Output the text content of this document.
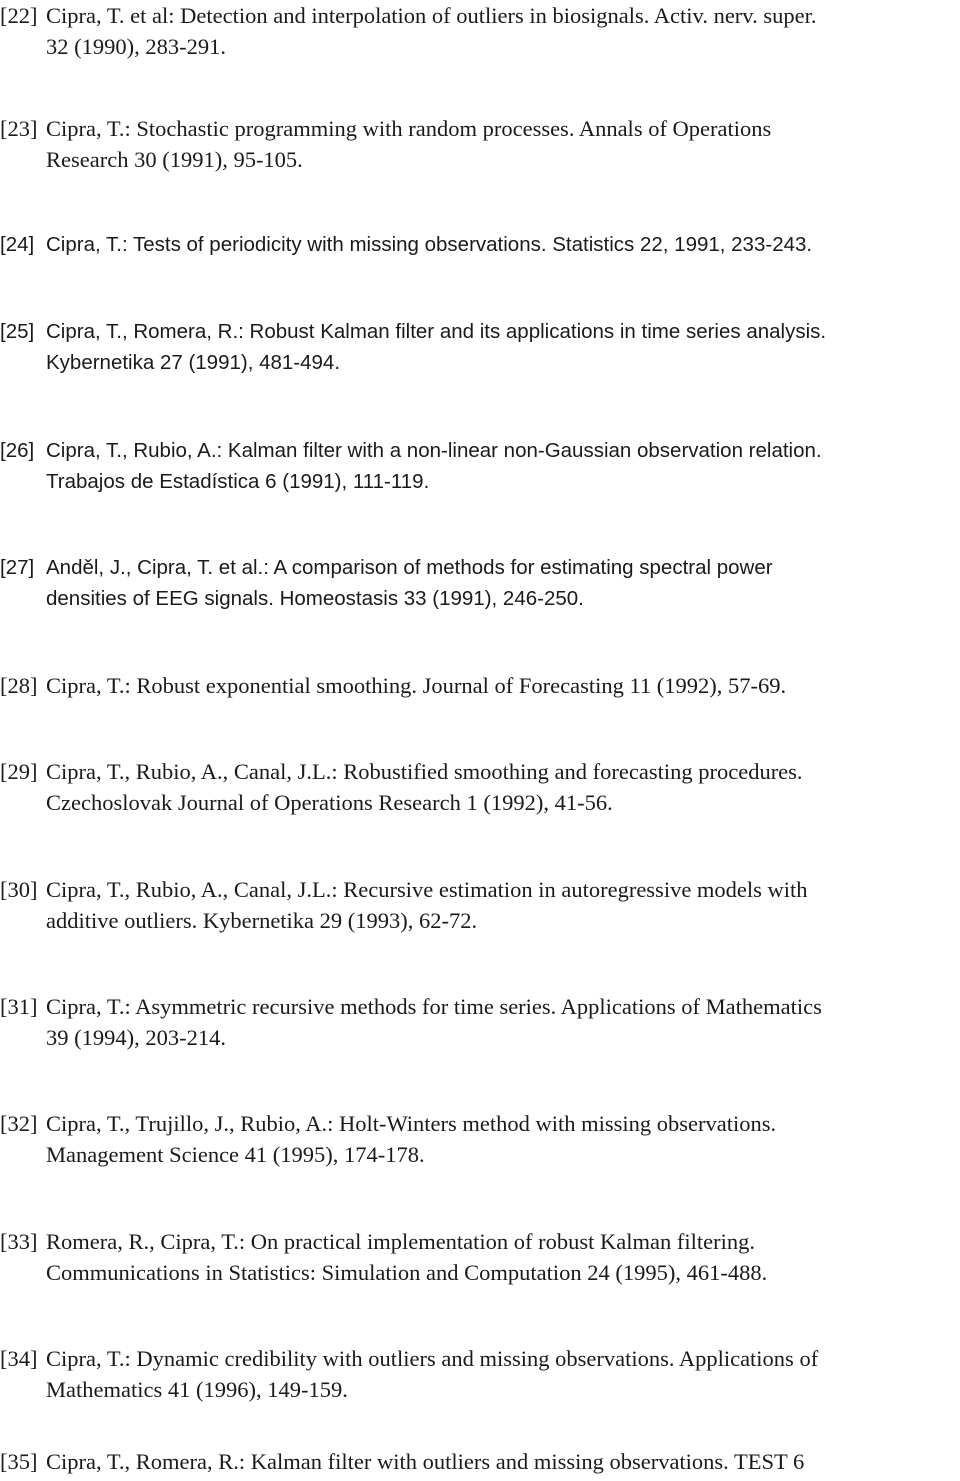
[22] Cipra, T. et al: Detection and interpolation of outliers in biosignals. Activ. nerv. super.
32 (1990), 283-291.
[23] Cipra, T.: Stochastic programming with random processes. Annals of Operations
Research 30 (1991), 95-105.
[24] Cipra, T.: Tests of periodicity with missing observations. Statistics 22, 1991, 233-243.
[25] Cipra, T., Romera, R.: Robust Kalman filter and its applications in time series analysis.
Kybernetika 27 (1991), 481-494.
[26] Cipra, T., Rubio, A.: Kalman filter with a non-linear non-Gaussian observation relation.
Trabajos de Estadística 6 (1991), 111-119.
[27] Anděl, J., Cipra, T. et al.: A comparison of methods for estimating spectral power
densities of EEG signals. Homeostasis 33 (1991), 246-250.
[28] Cipra, T.: Robust exponential smoothing. Journal of Forecasting 11 (1992), 57-69.
[29] Cipra, T., Rubio, A., Canal, J.L.: Robustified smoothing and forecasting procedures.
Czechoslovak Journal of Operations Research 1 (1992), 41-56.
[30] Cipra, T., Rubio, A., Canal, J.L.: Recursive estimation in autoregressive models with
additive outliers. Kybernetika 29 (1993), 62-72.
[31] Cipra, T.: Asymmetric recursive methods for time series. Applications of Mathematics
39 (1994), 203-214.
[32] Cipra, T., Trujillo, J., Rubio, A.: Holt-Winters method with missing observations.
Management Science 41 (1995), 174-178.
[33] Romera, R., Cipra, T.: On practical implementation of robust Kalman filtering.
Communications in Statistics: Simulation and Computation 24 (1995), 461-488.
[34] Cipra, T.: Dynamic credibility with outliers and missing observations. Applications of
Mathematics 41 (1996), 149-159.
[35] Cipra, T., Romera, R.: Kalman filter with outliers and missing observations. TEST 6
